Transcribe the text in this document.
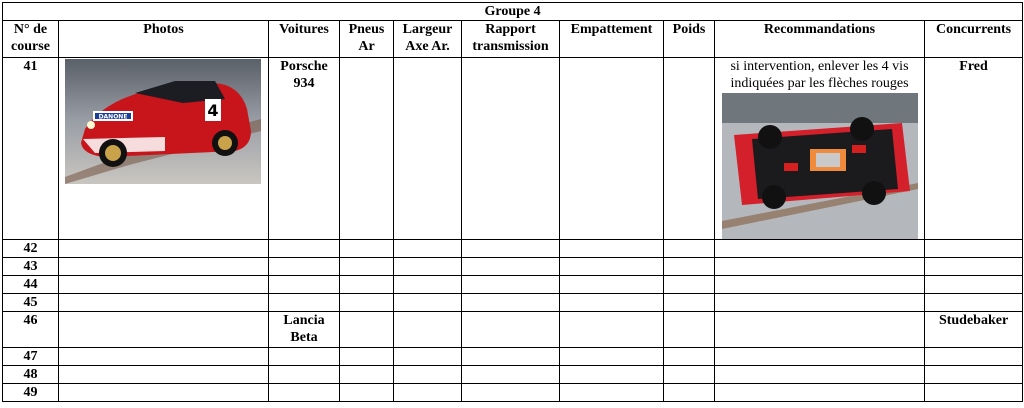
Groupe 4									
N° de course	Photos	Voitures	Pneus Ar	Largeur Axe Ar.	Rapport transmission	Empattement	Poids	Recommandations	Concurrents
41	DANONE 4	Porsche 934						si intervention, enlever les 4 vis indiquées par les flèches rouges	Fred
42									
43									
44									
45									
46		Lancia Beta							Studebaker
47									
48									
49									
